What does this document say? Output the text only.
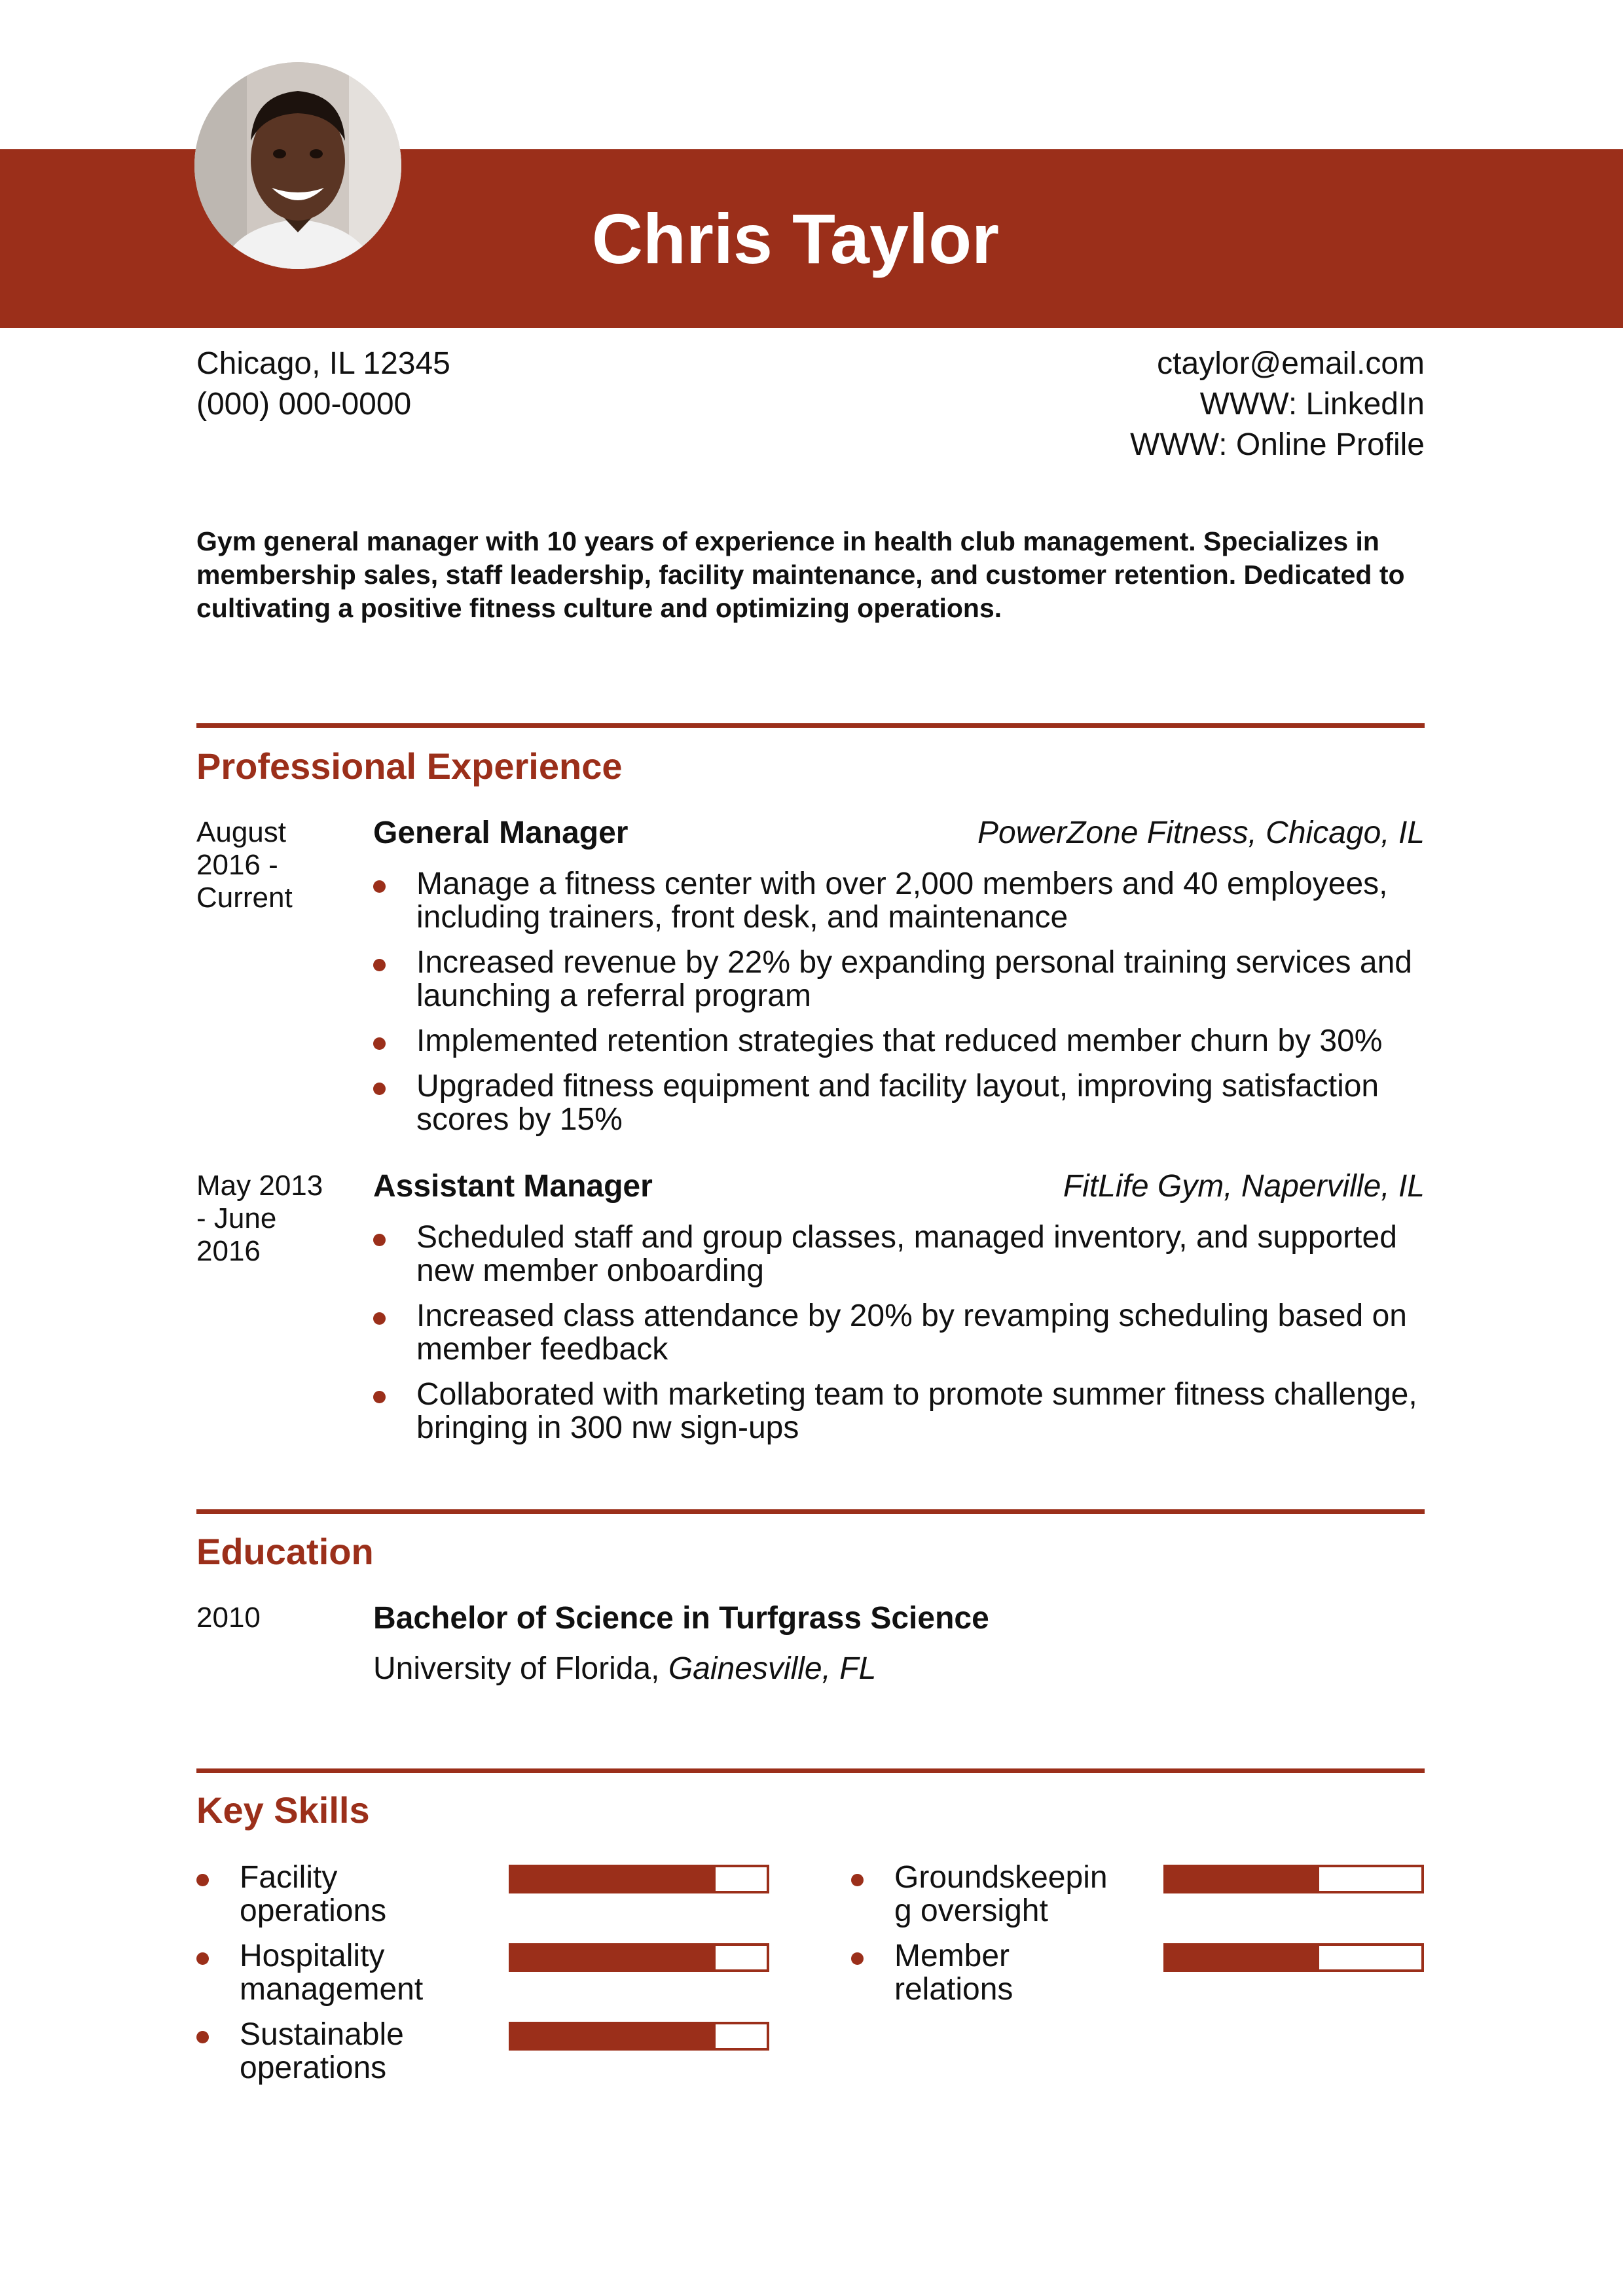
Chris Taylor
Chicago, IL 12345
(000) 000-0000
ctaylor@email.com
WWW: LinkedIn
WWW: Online Profile
Gym general manager with 10 years of experience in health club management. Specializes in membership sales, staff leadership, facility maintenance, and customer retention. Dedicated to cultivating a positive fitness culture and optimizing operations.
Professional Experience
August 2016 - Current
General Manager	PowerZone Fitness, Chicago, IL
Manage a fitness center with over 2,000 members and 40 employees, including trainers, front desk, and maintenance
Increased revenue by 22% by expanding personal training services and launching a referral program
Implemented retention strategies that reduced member churn by 30%
Upgraded fitness equipment and facility layout, improving satisfaction scores by 15%
May 2013 - June 2016
Assistant Manager	FitLife Gym, Naperville, IL
Scheduled staff and group classes, managed inventory, and supported new member onboarding
Increased class attendance by 20% by revamping scheduling based on member feedback
Collaborated with marketing team to promote summer fitness challenge, bringing in 300 nw sign-ups
Education
2010	Bachelor of Science in Turfgrass Science
University of Florida, Gainesville, FL
Key Skills
Facility operations
Hospitality management
Sustainable operations
Groundskeeping oversight
Member relations
